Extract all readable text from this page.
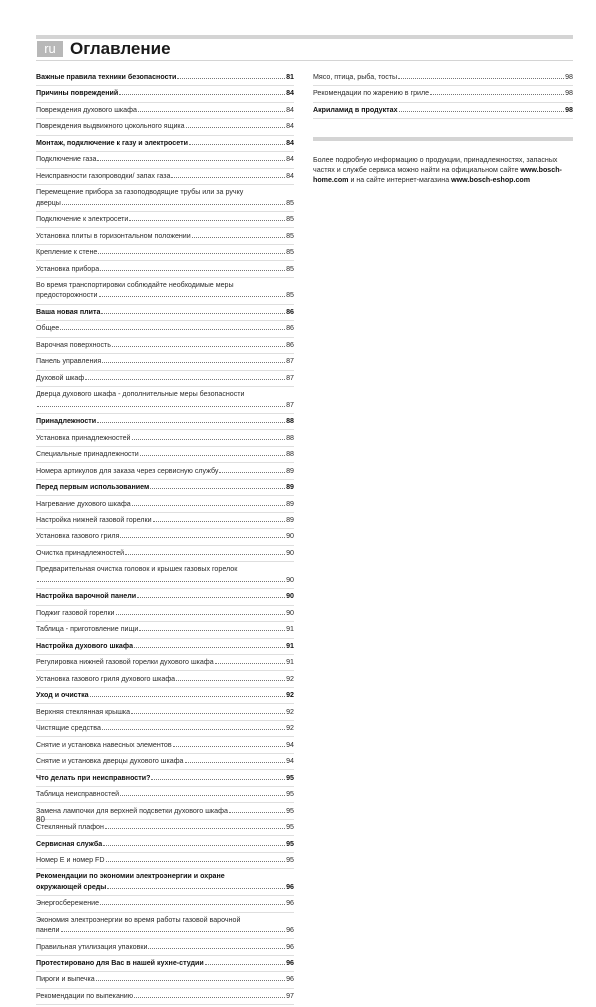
ru Оглавление
Важные правила техники безопасности	81
Причины повреждений	84
Повреждения духового шкафа	84
Повреждения выдвижного цокольного ящика	84
Монтаж, подключение к газу и электросети	84
Подключение газа	84
Неисправности газопроводки/ запах газа	84
Перемещение прибора за газоподводящие трубы или за ручку
дверцы	85
Подключение к электросети	85
Установка плиты в горизонтальном положении	85
Крепление к стене	85
Установка прибора	85
Во время транспортировки соблюдайте необходимые меры
предосторожности	85
Ваша новая плита	86
Общее	86
Варочная поверхность	86
Панель управления	87
Духовой шкаф	87
Дверца духового шкафа - дополнительные меры безопасности
87
Принадлежности	88
Установка принадлежностей	88
Специальные принадлежности	88
Номера артикулов для заказа через сервисную службу	89
Перед первым использованием	89
Нагревание духового шкафа	89
Настройка нижней газовой горелки	89
Установка газового гриля	90
Очистка принадлежностей	90
Предварительная очистка головок и крышек газовых горелок
90
Настройка варочной панели	90
Поджиг газовой горелки	90
Таблица - приготовление пищи	91
Настройка духового шкафа	91
Регулировка нижней газовой горелки духового шкафа	91
Установка газового гриля духового шкафа	92
Уход и очистка	92
Верхняя стеклянная крышка	92
Чистящие средства	92
Снятие и установка навесных элементов	94
Снятие и установка дверцы духового шкафа	94
Что делать при неисправности?	95
Таблица неисправностей	95
Замена лампочки для верхней подсветки духового шкафа	95
Стеклянный плафон	95
Сервисная служба	95
Номер Е и номер FD	95
Рекомендации по экономии электроэнергии и охране
окружающей среды	96
Энергосбережение	96
Экономия электроэнергии во время работы газовой варочной
панели	96
Правильная утилизация упаковки	96
Протестировано для Вас в нашей кухне-студии	96
Пироги и выпечка	96
Рекомендации по выпеканию	97
Мясо, птица, рыба, тосты	98
Рекомендации по жарению в гриле	98
Акриламид в продуктах	98
Более подробную информацию о продукции, принадлежностях, запасных частях и службе сервиса можно найти на официальном сайте www.bosch-home.com и на сайте интернет-магазина www.bosch-eshop.com
80
